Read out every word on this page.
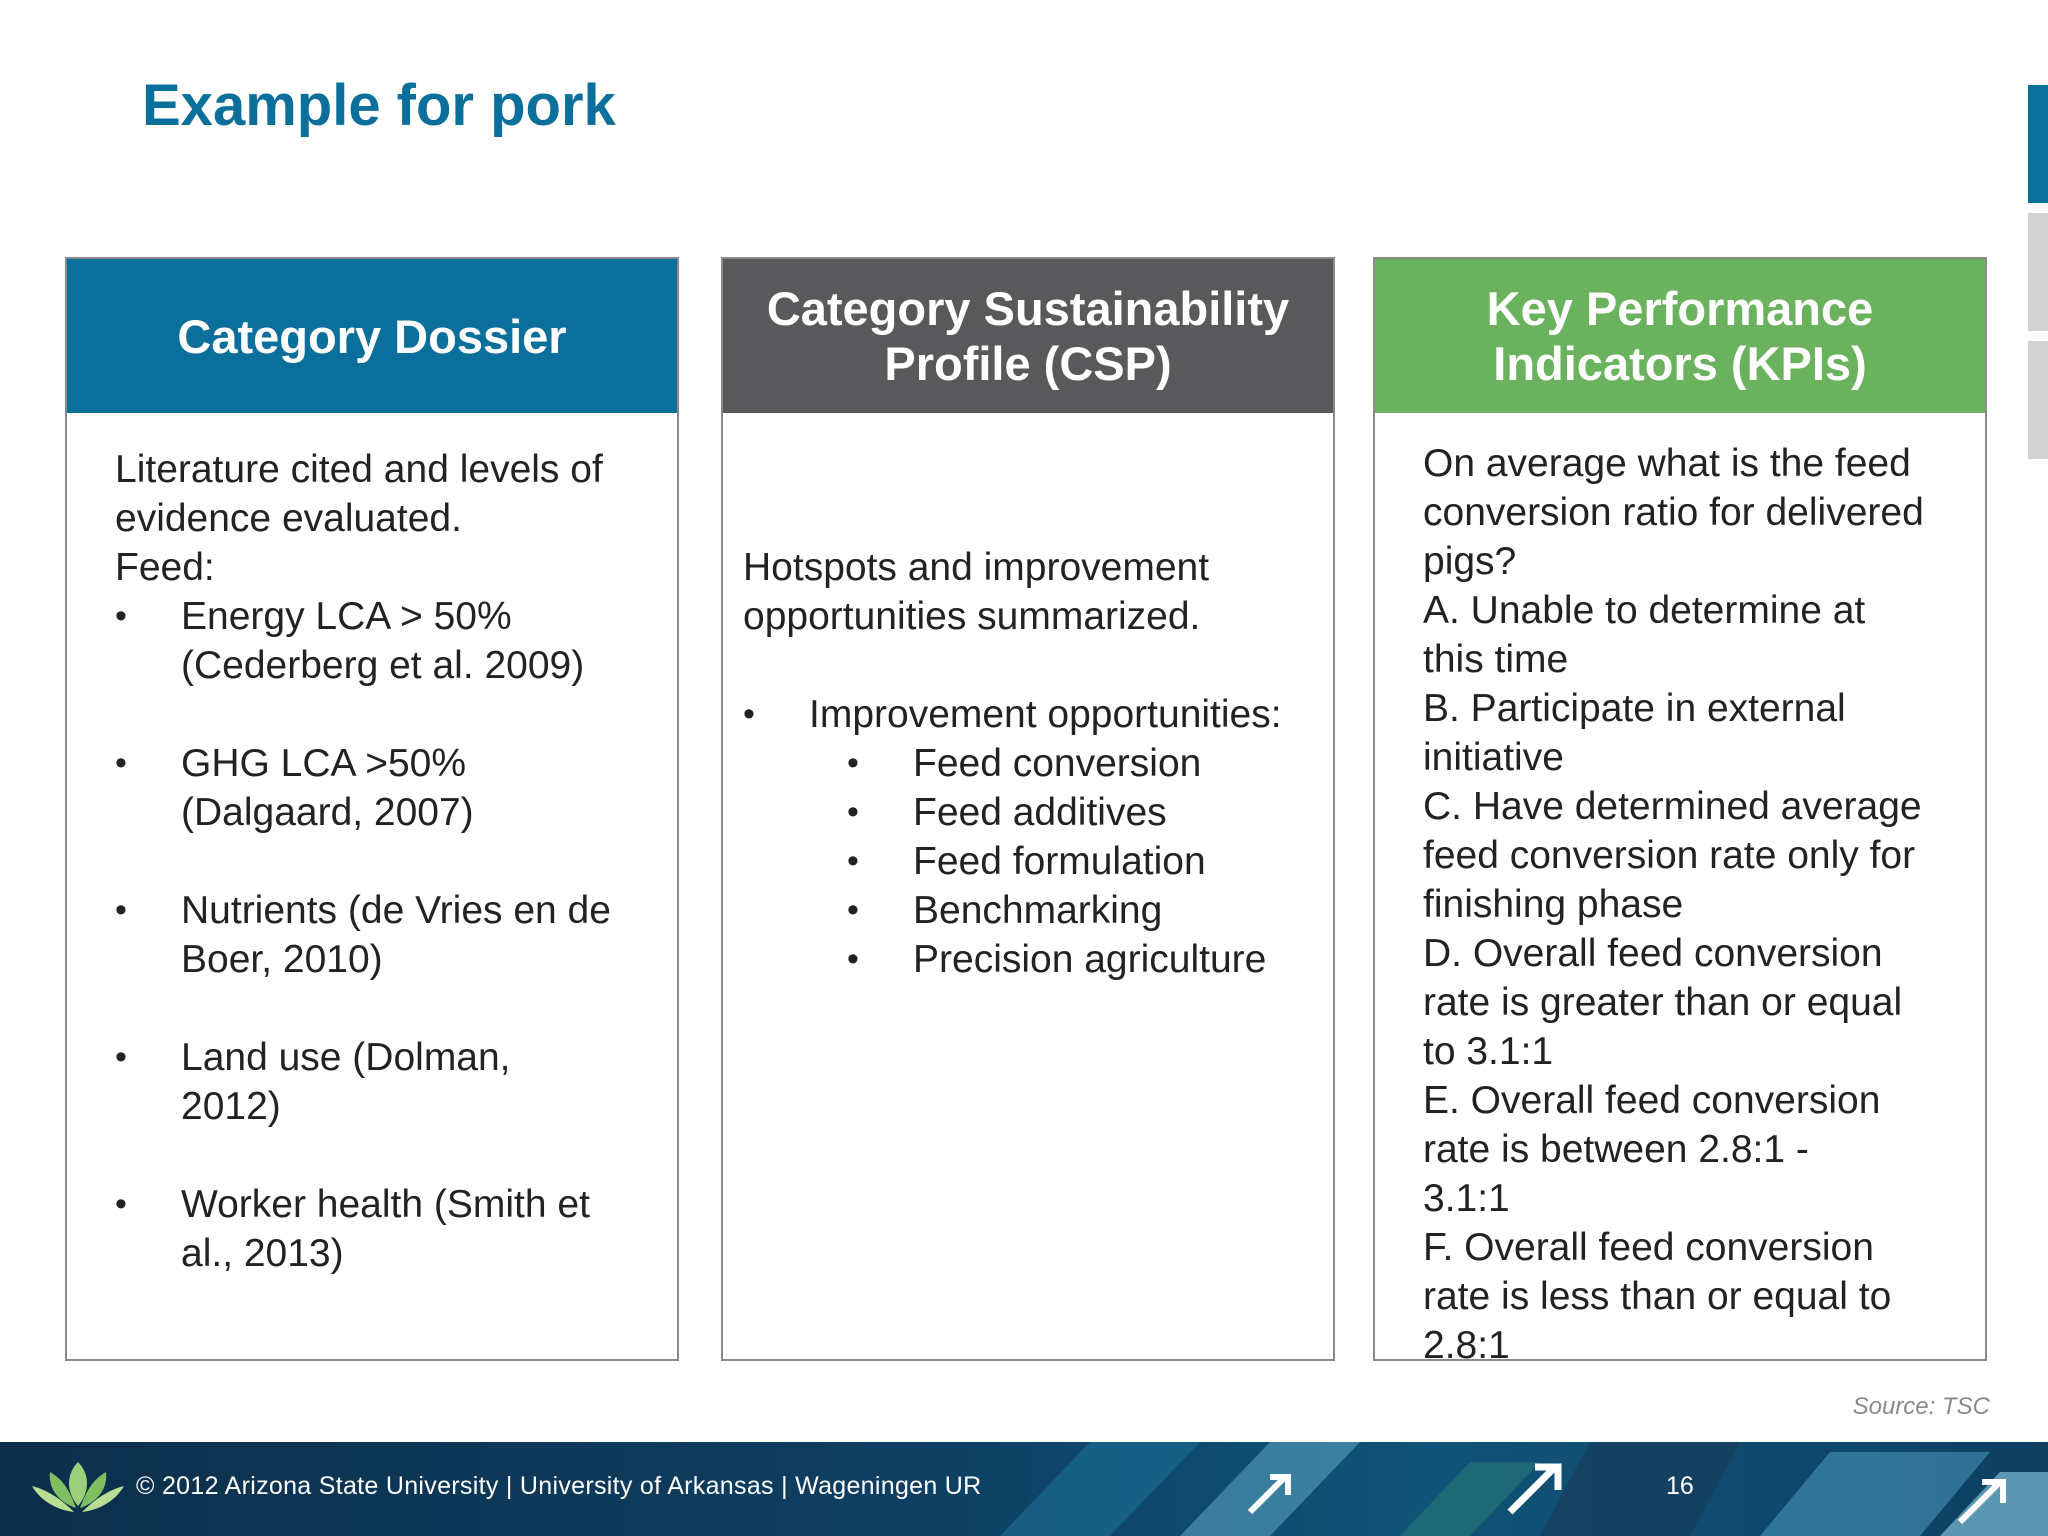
Example for pork
Category Dossier

Literature cited and levels of

evidence evaluated.

Feed:

• Energy LCA > 50%
(Cederberg et al. 2009)
• GHG LCA >50%
(Dalgaard, 2007)
• Nutrients (de Vries en de
Boer, 2010)
• Land use (Dolman,
2012)
• Worker health (Smith et
al., 2013)
Category Sustainability
Profile (CSP)

Hotspots and improvement

opportunities summarized.

• Improvement opportunities:
• Feed conversion
• Feed additives
• Feed formulation
• Benchmarking
• Precision agriculture
Key Performance
Indicators (KPIs)

On average what is the feed

conversion ratio for delivered

pigs?

A. Unable to determine at

this time

B. Participate in external

initiative

C. Have determined average

feed conversion rate only for

finishing phase

D. Overall feed conversion

rate is greater than or equal

to 3.1:1

E. Overall feed conversion

rate is between 2.8:1 -

3.1:1

F. Overall feed conversion

rate is less than or equal to

2.8:1

Source: TSC
© 2012 Arizona State University | University of Arkansas | Wageningen UR	16
